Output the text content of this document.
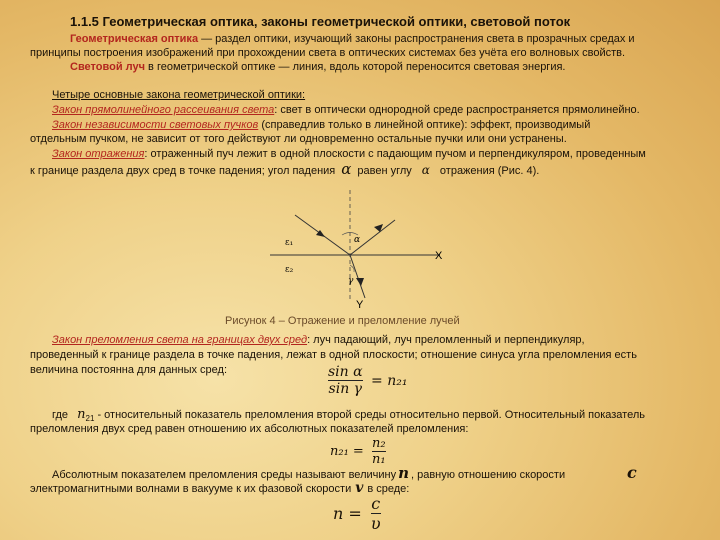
1.1.5 Геометрическая оптика, законы геометрической оптики, световой поток
Геометрическая оптика — раздел оптики, изучающий законы распространения света в прозрачных средах и
принципы построения изображений при прохождении света в оптических системах без учёта его волновых свойств.
Световой луч в геометрической оптике — линия, вдоль которой переносится световая энергия.
Четыре основные закона геометрической оптики:
Закон прямолинейного рассеивания света: свет в оптически однородной среде распространяется прямолинейно.
Закон независимости световых пучков (справедлив только в линейной оптике): эффект, производимый
отдельным пучком, не зависит от того действуют ли одновременно остальные пучки или они устранены.
Закон отражения: отраженный пуч лежит в одной плоскости с падающим пучом и перпендикуляром, проведенным
к границе раздела двух сред в точке падения; угол падения α равен углу α отражения (Рис. 4).
ε₁
ε₂
α
γ
X
Y
Рисунок 4 – Отражение и преломление лучей
Закон преломления света на границах двух сред: луч падающий, луч преломленный и перпендикуляр,
проведенный к границе раздела в точке падения, лежат в одной плоскости; отношение синуса угла преломления есть
величина постоянна для данных сред:	$\frac{\text{sin α}}{\text{sin γ}} = n_{21}$
где $n_{21}$ - относительный показатель преломления второй среды относительно первой. Относительный показатель
преломления двух сред равен отношению их абсолютных показателей преломления:
$n_{21} = \frac{\text{n₂}}{\text{n₁}}$
Абсолютным показателем преломления среды называют величину n , равную отношению скорости	c
электромагнитными волнами в вакууме к их фазовой скорости v в среде:
$n = \frac{c}{\upsilon}$
